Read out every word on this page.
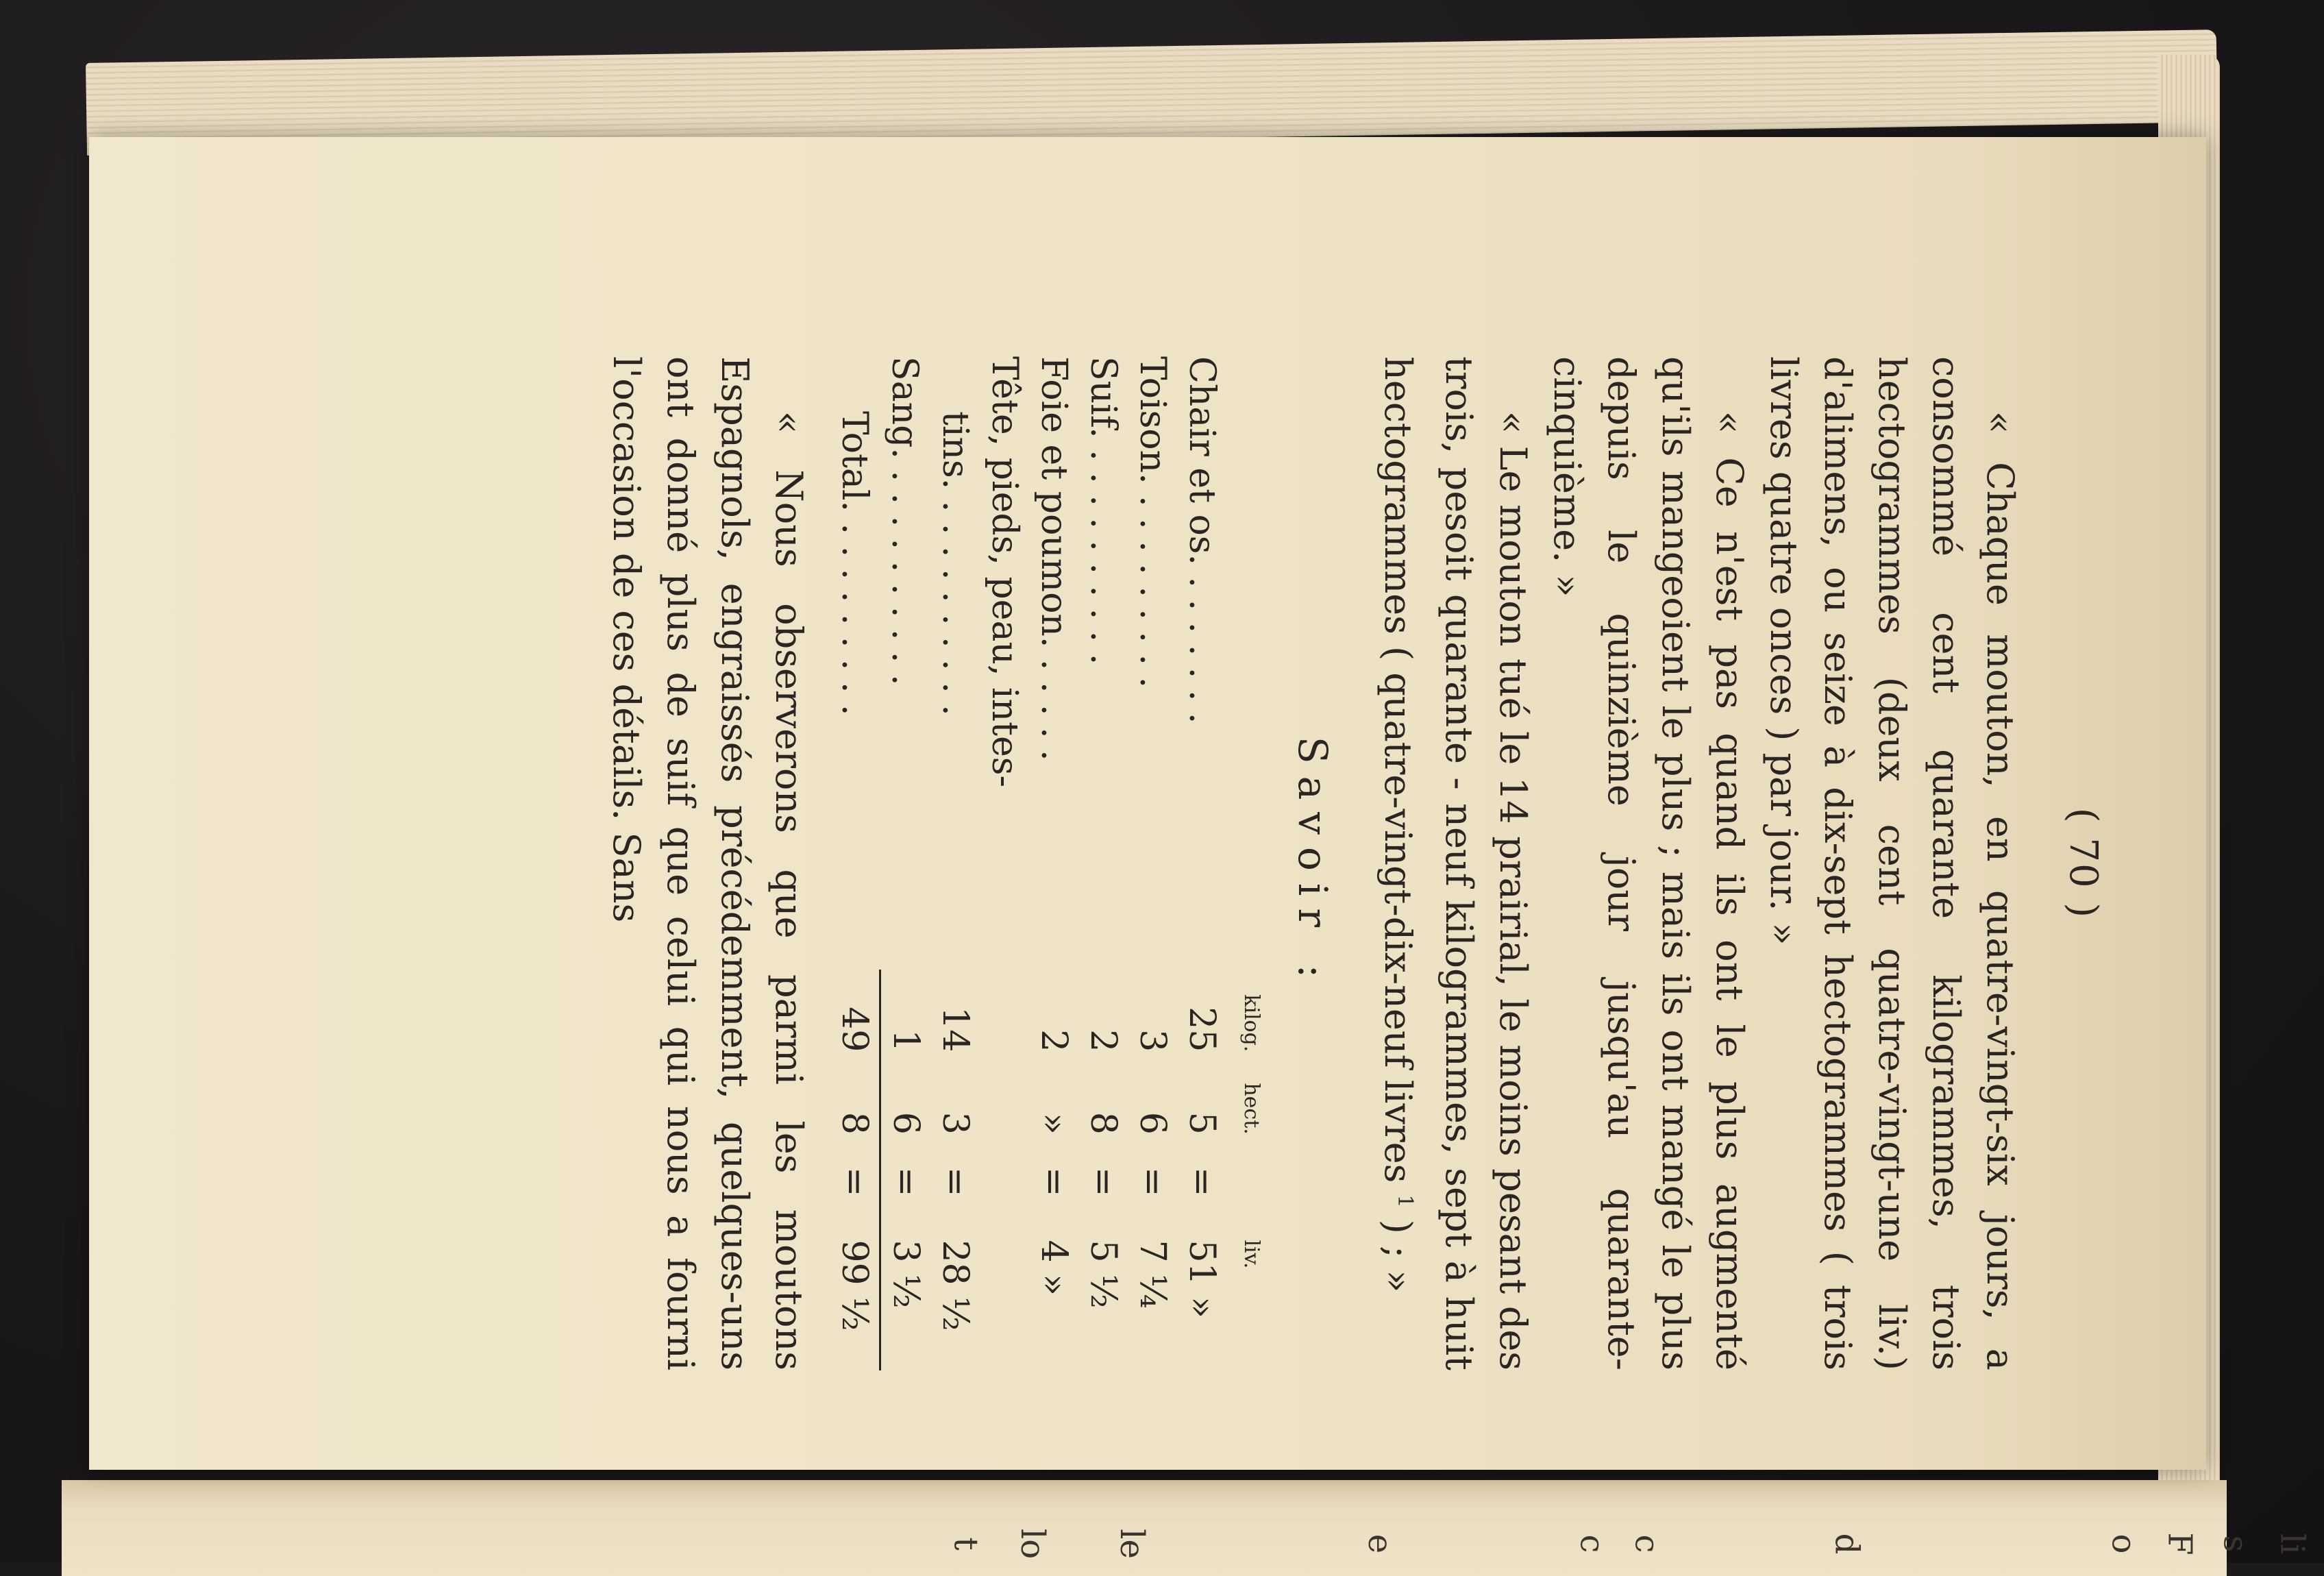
( 70 )

« Chaque mouton, en quatre-vingt-six jours, a consommé cent quarante kilogrammes, trois hectogrammes (deux cent quatre-vingt-une liv.) d'alimens, ou seize à dix-sept hectogrammes ( trois livres quatre onces ) par jour. »

« Ce n'est pas quand ils ont le plus augmenté qu'ils mangeoient le plus ; mais ils ont mangé le plus depuis le quinzième jour jusqu'au quarante-cinquième. »

« Le mouton tué le 14 prairial, le moins pesant des trois, pesoit quarante - neuf kilogrammes, sept à huit hectogrammes ( quatre-vingt-dix-neuf livres $^1$ ) ; »

Savoir :
	kilog.	hect.		liv.
Chair et os. . . . . . . .	25	5	=	51 »
Toison. . . . . . . . . .	3	6	=	7 ¼
Suif. . . . . . . . . . .	2	8	=	5 ½
Foie et poumon. . . . . .	2	»	=	4 »
Tête, pieds, peau, intes-				
tins. . . . . . . . . . .	14	3	=	28 ½
Sang. . . . . . . . . . .	1	6	=	3 ½
Total. . . . . . . . . .	49	8	=	99 ½

« Nous observerons que parmi les moutons Espagnols, engraissés précédemment, quelques-uns ont donné plus de suif que celui qui nous a fourni l'occasion de ces détails. Sans

li
s
F
o
d
c
c
e
le
lo
t
